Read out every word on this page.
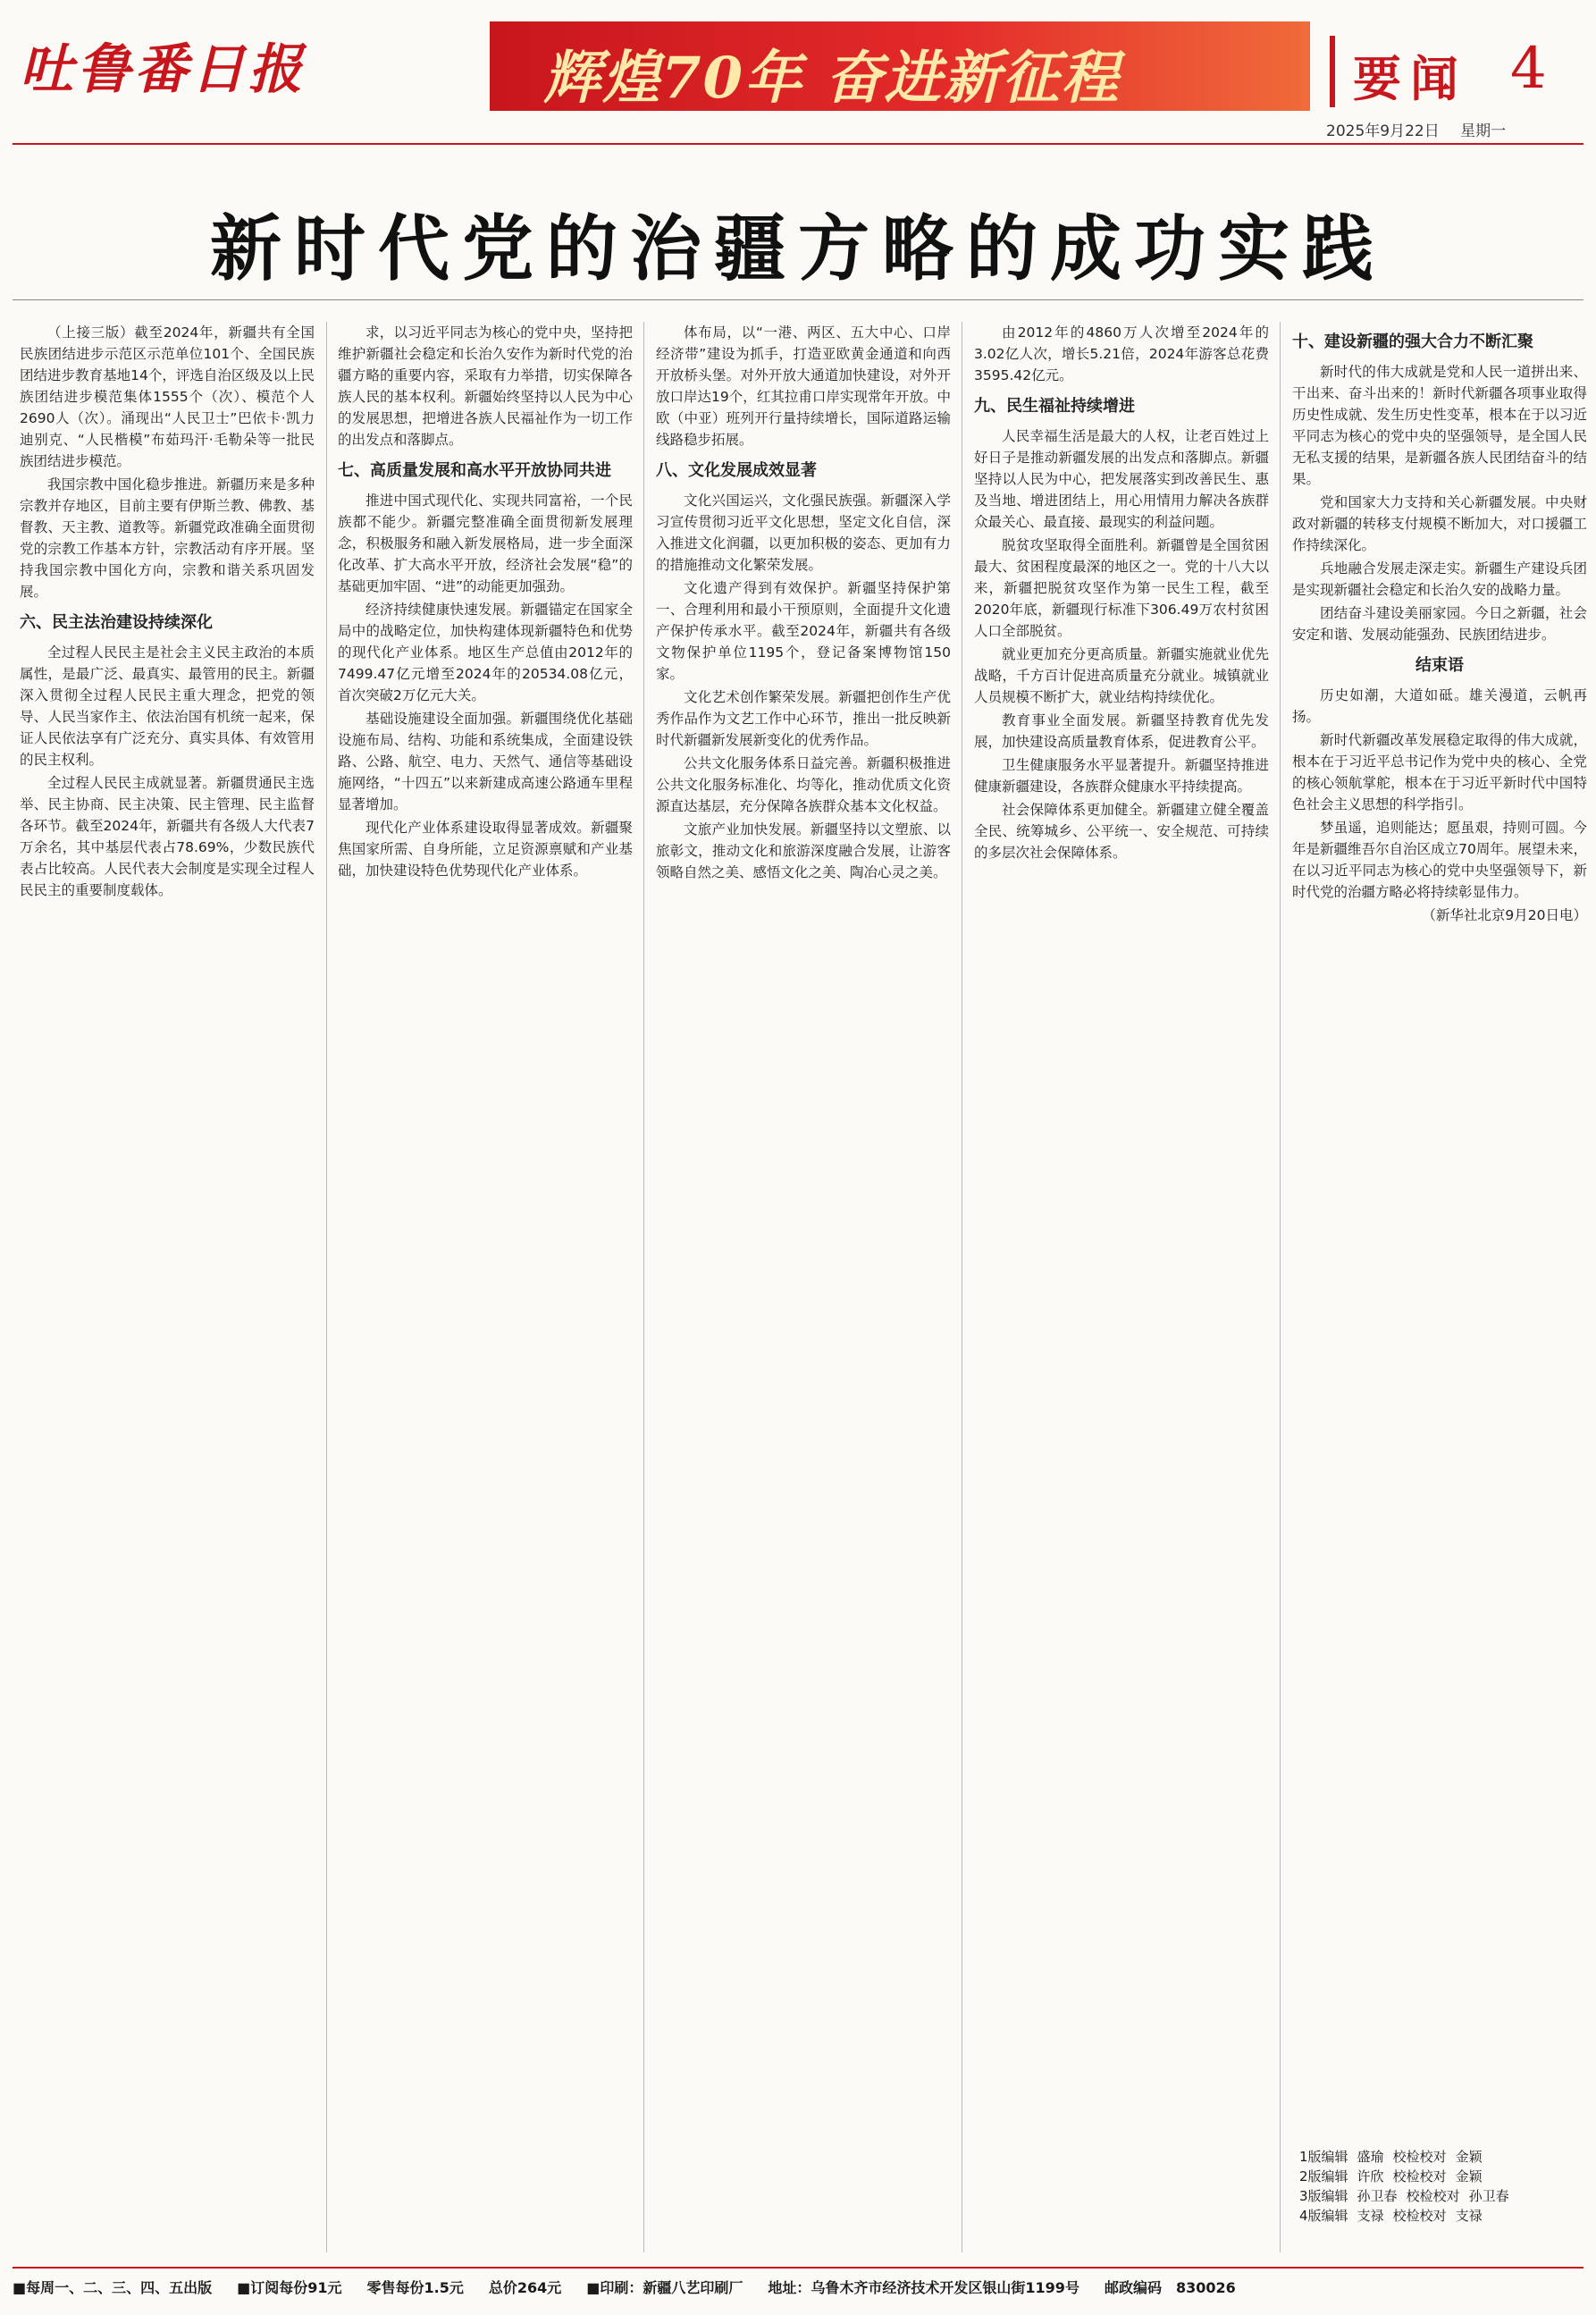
吐鲁番日报	辉煌70年 奋进新征程	要闻 4
2025年9月22日 星期一
新时代党的治疆方略的成功实践

（上接三版）截至2024年，新疆共有全国民族团结进步示范区示范单位101个、全国民族团结进步教育基地14个，评选自治区级及以上民族团结进步模范集体1555个（次）、模范个人2690人（次）。涌现出“人民卫士”巴依卡·凯力迪别克、“人民楷模”布茹玛汗·毛勒朵等一批民族团结进步模范。

我国宗教中国化稳步推进。新疆历来是多种宗教并存地区，目前主要有伊斯兰教、佛教、基督教、天主教、道教等。新疆党政准确全面贯彻党的宗教工作基本方针，宗教活动有序开展。坚持我国宗教中国化方向，宗教和谐关系巩固发展。

六、民主法治建设持续深化

全过程人民民主是社会主义民主政治的本质属性，是最广泛、最真实、最管用的民主。新疆深入贯彻全过程人民民主重大理念，把党的领导、人民当家作主、依法治国有机统一起来，保证人民依法享有广泛充分、真实具体、有效管用的民主权利。

全过程人民民主成就显著。新疆贯通民主选举、民主协商、民主决策、民主管理、民主监督各环节。截至2024年，新疆共有各级人大代表7万余名，其中基层代表占78.69%，少数民族代表占比较高。人民代表大会制度是实现全过程人民民主的重要制度载体。

求，以习近平同志为核心的党中央，坚持把维护新疆社会稳定和长治久安作为新时代党的治疆方略的重要内容，采取有力举措，切实保障各族人民的基本权利。新疆始终坚持以人民为中心的发展思想，把增进各族人民福祉作为一切工作的出发点和落脚点。

七、高质量发展和高水平开放协同共进

推进中国式现代化、实现共同富裕，一个民族都不能少。新疆完整准确全面贯彻新发展理念，积极服务和融入新发展格局，进一步全面深化改革、扩大高水平开放，经济社会发展“稳”的基础更加牢固、“进”的动能更加强劲。

经济持续健康快速发展。新疆锚定在国家全局中的战略定位，加快构建体现新疆特色和优势的现代化产业体系。地区生产总值由2012年的7499.47亿元增至2024年的20534.08亿元，首次突破2万亿元大关。

基础设施建设全面加强。新疆围绕优化基础设施布局、结构、功能和系统集成，全面建设铁路、公路、航空、电力、天然气、通信等基础设施网络，“十四五”以来新建成高速公路通车里程显著增加。

现代化产业体系建设取得显著成效。新疆聚焦国家所需、自身所能，立足资源禀赋和产业基础，加快建设特色优势现代化产业体系。

体布局，以“一港、两区、五大中心、口岸经济带”建设为抓手，打造亚欧黄金通道和向西开放桥头堡。对外开放大通道加快建设，对外开放口岸达19个，红其拉甫口岸实现常年开放。中欧（中亚）班列开行量持续增长，国际道路运输线路稳步拓展。

八、文化发展成效显著

文化兴国运兴，文化强民族强。新疆深入学习宣传贯彻习近平文化思想，坚定文化自信，深入推进文化润疆，以更加积极的姿态、更加有力的措施推动文化繁荣发展。

文化遗产得到有效保护。新疆坚持保护第一、合理利用和最小干预原则，全面提升文化遗产保护传承水平。截至2024年，新疆共有各级文物保护单位1195个，登记备案博物馆150家。

文化艺术创作繁荣发展。新疆把创作生产优秀作品作为文艺工作中心环节，推出一批反映新时代新疆新发展新变化的优秀作品。

公共文化服务体系日益完善。新疆积极推进公共文化服务标准化、均等化，推动优质文化资源直达基层，充分保障各族群众基本文化权益。

文旅产业加快发展。新疆坚持以文塑旅、以旅彰文，推动文化和旅游深度融合发展，让游客领略自然之美、感悟文化之美、陶冶心灵之美。

由2012年的4860万人次增至2024年的3.02亿人次，增长5.21倍，2024年游客总花费3595.42亿元。

九、民生福祉持续增进

人民幸福生活是最大的人权，让老百姓过上好日子是推动新疆发展的出发点和落脚点。新疆坚持以人民为中心，把发展落实到改善民生、惠及当地、增进团结上，用心用情用力解决各族群众最关心、最直接、最现实的利益问题。

脱贫攻坚取得全面胜利。新疆曾是全国贫困最大、贫困程度最深的地区之一。党的十八大以来，新疆把脱贫攻坚作为第一民生工程，截至2020年底，新疆现行标准下306.49万农村贫困人口全部脱贫。

就业更加充分更高质量。新疆实施就业优先战略，千方百计促进高质量充分就业。城镇就业人员规模不断扩大，就业结构持续优化。

教育事业全面发展。新疆坚持教育优先发展，加快建设高质量教育体系，促进教育公平。

卫生健康服务水平显著提升。新疆坚持推进健康新疆建设，各族群众健康水平持续提高。

社会保障体系更加健全。新疆建立健全覆盖全民、统筹城乡、公平统一、安全规范、可持续的多层次社会保障体系。

十、建设新疆的强大合力不断汇聚

新时代的伟大成就是党和人民一道拼出来、干出来、奋斗出来的！新时代新疆各项事业取得历史性成就、发生历史性变革，根本在于以习近平同志为核心的党中央的坚强领导，是全国人民无私支援的结果，是新疆各族人民团结奋斗的结果。

党和国家大力支持和关心新疆发展。中央财政对新疆的转移支付规模不断加大，对口援疆工作持续深化。

兵地融合发展走深走实。新疆生产建设兵团是实现新疆社会稳定和长治久安的战略力量。

团结奋斗建设美丽家园。今日之新疆，社会安定和谐、发展动能强劲、民族团结进步。

结束语

历史如潮，大道如砥。雄关漫道，云帆再扬。

新时代新疆改革发展稳定取得的伟大成就，根本在于习近平总书记作为党中央的核心、全党的核心领航掌舵，根本在于习近平新时代中国特色社会主义思想的科学指引。

梦虽遥，追则能达；愿虽艰，持则可圆。今年是新疆维吾尔自治区成立70周年。展望未来，在以习近平同志为核心的党中央坚强领导下，新时代党的治疆方略必将持续彰显伟力。

（新华社北京9月20日电）

1版编辑 盛瑜 校检校对 金颖
2版编辑 许欣 校检校对 金颖
3版编辑 孙卫春 校检校对 孙卫春
4版编辑 支禄 校检校对 支禄
■每周一、二、三、四、五出版 ■订阅每份91元 零售每份1.5元 总价264元 ■印刷：新疆八艺印刷厂 地址：乌鲁木齐市经济技术开发区银山街1199号 邮政编码　830026
